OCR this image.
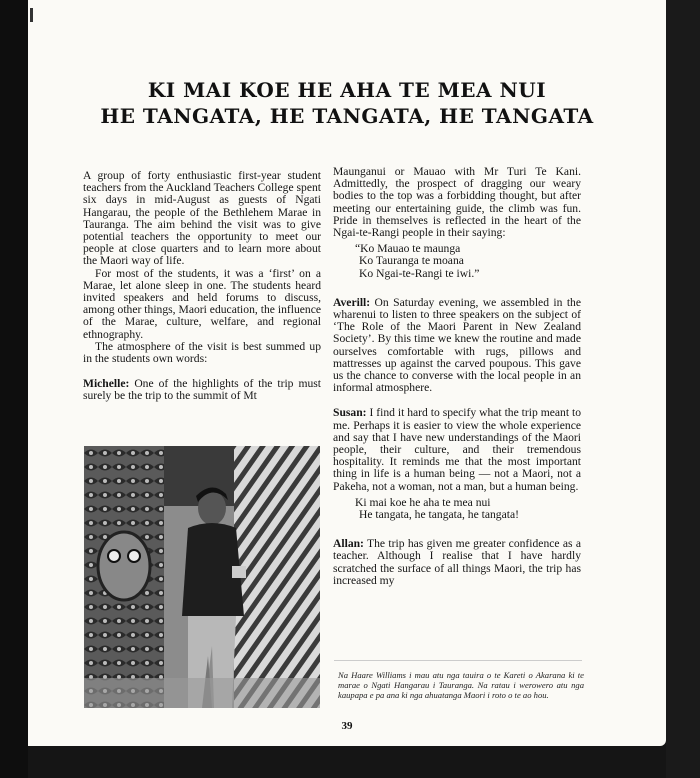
KI MAI KOE HE AHA TE MEA NUI
HE TANGATA, HE TANGATA, HE TANGATA

A group of forty enthusiastic first-year student teachers from the Auckland Teachers College spent six days in mid-August as guests of Ngati Hangarau, the people of the Bethlehem Marae in Tauranga. The aim behind the visit was to give potential teachers the opportunity to meet our people at close quarters and to learn more about the Maori way of life.

For most of the students, it was a ‘first’ on a Marae, let alone sleep in one. The students heard invited speakers and held forums to discuss, among other things, Maori education, the influence of the Marae, culture, welfare, and regional ethnography.

The atmosphere of the visit is best summed up in the students own words:

Michelle: One of the highlights of the trip must surely be the trip to the summit of Mt

Maunganui or Mauao with Mr Turi Te Kani. Admittedly, the prospect of dragging our weary bodies to the top was a forbidding thought, but after meeting our entertaining guide, the climb was fun. Pride in themselves is reflected in the heart of the Ngai-te-Rangi people in their saying:

“Ko Mauao te maunga
Ko Tauranga te moana
Ko Ngai-te-Rangi te iwi.”

Averill: On Saturday evening, we assembled in the wharenui to listen to three speakers on the subject of ‘The Role of the Maori Parent in New Zealand Society’. By this time we knew the routine and made ourselves comfortable with rugs, pillows and mattresses up against the carved poupous. This gave us the chance to converse with the local people in an informal atmosphere.

Susan: I find it hard to specify what the trip meant to me. Perhaps it is easier to view the whole experience and say that I have new understandings of the Maori people, their culture, and their tremendous hospitality. It reminds me that the most important thing in life is a human being — not a Maori, not a Pakeha, not a woman, not a man, but a human being.

Ki mai koe he aha te mea nui
He tangata, he tangata, he tangata!

Allan: The trip has given me greater confidence as a teacher. Although I realise that I have hardly scratched the surface of all things Maori, the trip has increased my

Na Haare Williams i mau atu nga tauira o te Kareti o Akarana ki te marae o Ngati Hangarau i Tauranga. Na ratau i werowero atu nga kaupapa e pa ana ki nga ahuatanga Maori i roto o te ao hou.
39
